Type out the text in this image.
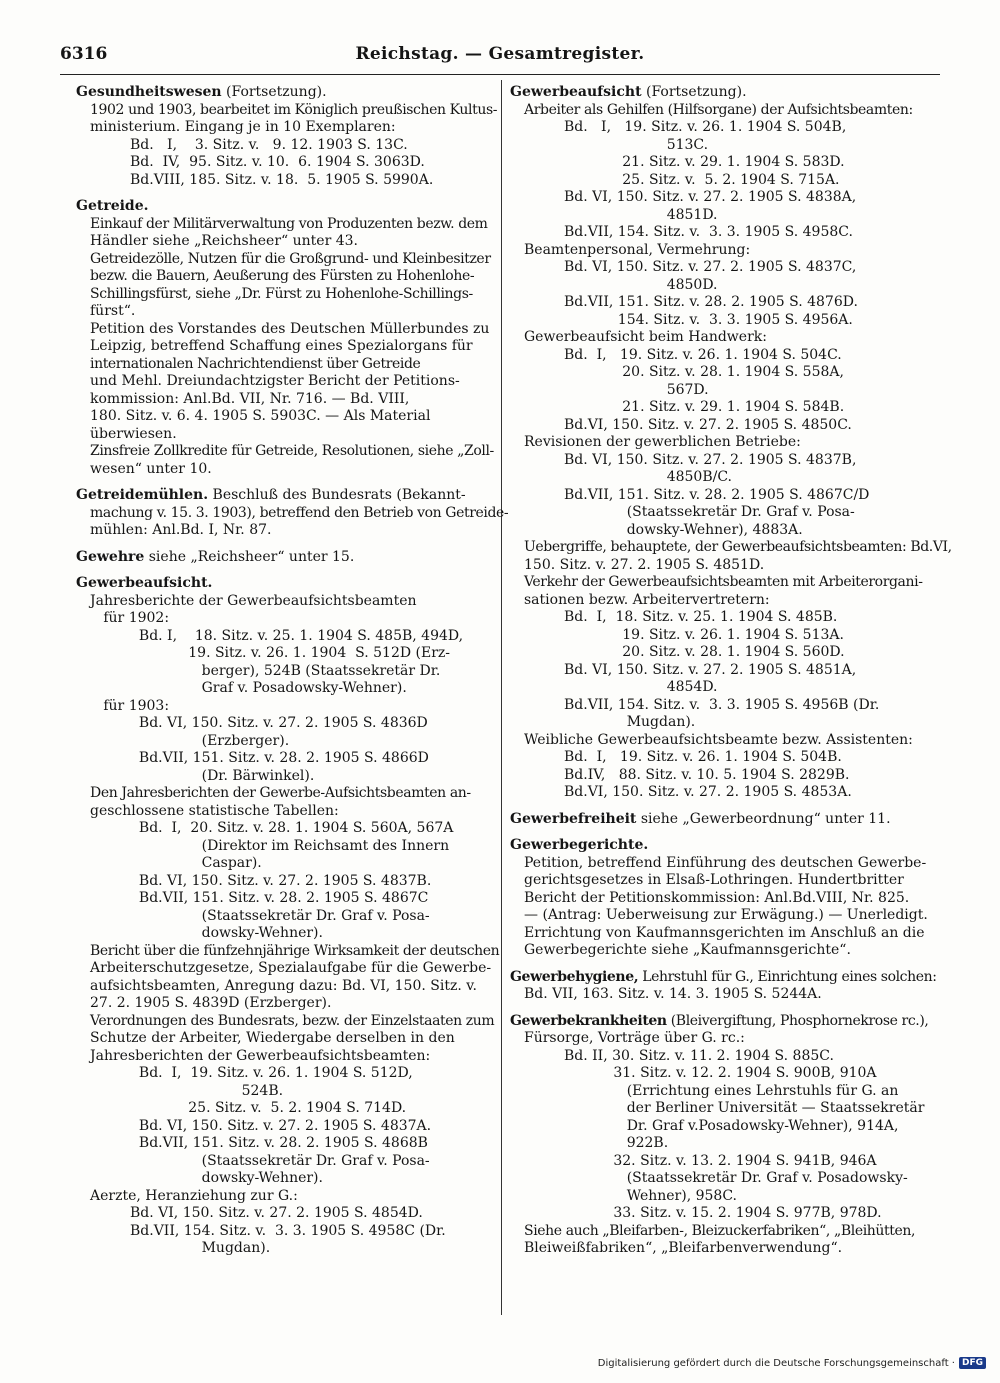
6316	Reichstag. — Gesamtregister.

Gesundheitswesen (Fortsetzung).

1902 und 1903, bearbeitet im Königlich preußischen Kultus-

ministerium. Eingang je in 10 Exemplaren:

Bd.   I,    3. Sitz. v.   9. 12. 1903 S. 13C.

Bd.  IV,  95. Sitz. v. 10.  6. 1904 S. 3063D.

Bd.VIII, 185. Sitz. v. 18.  5. 1905 S. 5990A.

Getreide.

Einkauf der Militärverwaltung von Produzenten bezw. dem

Händler siehe „Reichsheer“ unter 43.

Getreidezölle, Nutzen für die Großgrund- und Kleinbesitzer

bezw. die Bauern, Aeußerung des Fürsten zu Hohenlohe-

Schillingsfürst, siehe „Dr. Fürst zu Hohenlohe-Schillings-

fürst“.

Petition des Vorstandes des Deutschen Müllerbundes zu

Leipzig, betreffend Schaffung eines Spezialorgans für

internationalen Nachrichtendienst über Getreide

und Mehl. Dreiundachtzigster Bericht der Petitions-

kommission: Anl.Bd. VII, Nr. 716. — Bd. VIII,

180. Sitz. v. 6. 4. 1905 S. 5903C. — Als Material

überwiesen.

Zinsfreie Zollkredite für Getreide, Resolutionen, siehe „Zoll-

wesen“ unter 10.

Getreidemühlen. Beschluß des Bundesrats (Bekannt-

machung v. 15. 3. 1903), betreffend den Betrieb von Getreide-

mühlen: Anl.Bd. I, Nr. 87.

Gewehre siehe „Reichsheer“ unter 15.

Gewerbeaufsicht.

Jahresberichte der Gewerbeaufsichtsbeamten

für 1902:

Bd. I,    18. Sitz. v. 25. 1. 1904 S. 485B, 494D,

19. Sitz. v. 26. 1. 1904  S. 512D (Erz-

berger), 524B (Staatssekretär Dr.

Graf v. Posadowsky-Wehner).

für 1903:

Bd. VI, 150. Sitz. v. 27. 2. 1905 S. 4836D

(Erzberger).

Bd.VII, 151. Sitz. v. 28. 2. 1905 S. 4866D

(Dr. Bärwinkel).

Den Jahresberichten der Gewerbe-Aufsichtsbeamten an-

geschlossene statistische Tabellen:

Bd.  I,  20. Sitz. v. 28. 1. 1904 S. 560A, 567A

(Direktor im Reichsamt des Innern

Caspar).

Bd. VI, 150. Sitz. v. 27. 2. 1905 S. 4837B.

Bd.VII, 151. Sitz. v. 28. 2. 1905 S. 4867C

(Staatssekretär Dr. Graf v. Posa-

dowsky-Wehner).

Bericht über die fünfzehnjährige Wirksamkeit der deutschen

Arbeiterschutzgesetze, Spezialaufgabe für die Gewerbe-

aufsichtsbeamten, Anregung dazu: Bd. VI, 150. Sitz. v.

27. 2. 1905 S. 4839D (Erzberger).

Verordnungen des Bundesrats, bezw. der Einzelstaaten zum

Schutze der Arbeiter, Wiedergabe derselben in den

Jahresberichten der Gewerbeaufsichtsbeamten:

Bd.  I,  19. Sitz. v. 26. 1. 1904 S. 512D,

524B.

25. Sitz. v.  5. 2. 1904 S. 714D.

Bd. VI, 150. Sitz. v. 27. 2. 1905 S. 4837A.

Bd.VII, 151. Sitz. v. 28. 2. 1905 S. 4868B

(Staatssekretär Dr. Graf v. Posa-

dowsky-Wehner).

Aerzte, Heranziehung zur G.:

Bd. VI, 150. Sitz. v. 27. 2. 1905 S. 4854D.

Bd.VII, 154. Sitz. v.  3. 3. 1905 S. 4958C (Dr.

Mugdan).

Gewerbeaufsicht (Fortsetzung).

Arbeiter als Gehilfen (Hilfsorgane) der Aufsichtsbeamten:

Bd.   I,   19. Sitz. v. 26. 1. 1904 S. 504B,

513C.

21. Sitz. v. 29. 1. 1904 S. 583D.

25. Sitz. v.  5. 2. 1904 S. 715A.

Bd. VI, 150. Sitz. v. 27. 2. 1905 S. 4838A,

4851D.

Bd.VII, 154. Sitz. v.  3. 3. 1905 S. 4958C.

Beamtenpersonal, Vermehrung:

Bd. VI, 150. Sitz. v. 27. 2. 1905 S. 4837C,

4850D.

Bd.VII, 151. Sitz. v. 28. 2. 1905 S. 4876D.

154. Sitz. v.  3. 3. 1905 S. 4956A.

Gewerbeaufsicht beim Handwerk:

Bd.  I,   19. Sitz. v. 26. 1. 1904 S. 504C.

20. Sitz. v. 28. 1. 1904 S. 558A,

567D.

21. Sitz. v. 29. 1. 1904 S. 584B.

Bd.VI, 150. Sitz. v. 27. 2. 1905 S. 4850C.

Revisionen der gewerblichen Betriebe:

Bd. VI, 150. Sitz. v. 27. 2. 1905 S. 4837B,

4850B/C.

Bd.VII, 151. Sitz. v. 28. 2. 1905 S. 4867C/D

(Staatssekretär Dr. Graf v. Posa-

dowsky-Wehner), 4883A.

Uebergriffe, behauptete, der Gewerbeaufsichtsbeamten: Bd.VI,

150. Sitz. v. 27. 2. 1905 S. 4851D.

Verkehr der Gewerbeaufsichtsbeamten mit Arbeiterorgani-

sationen bezw. Arbeitervertretern:

Bd.  I,  18. Sitz. v. 25. 1. 1904 S. 485B.

19. Sitz. v. 26. 1. 1904 S. 513A.

20. Sitz. v. 28. 1. 1904 S. 560D.

Bd. VI, 150. Sitz. v. 27. 2. 1905 S. 4851A,

4854D.

Bd.VII, 154. Sitz. v.  3. 3. 1905 S. 4956B (Dr.

Mugdan).

Weibliche Gewerbeaufsichtsbeamte bezw. Assistenten:

Bd.  I,   19. Sitz. v. 26. 1. 1904 S. 504B.

Bd.IV,   88. Sitz. v. 10. 5. 1904 S. 2829B.

Bd.VI, 150. Sitz. v. 27. 2. 1905 S. 4853A.

Gewerbefreiheit siehe „Gewerbeordnung“ unter 11.

Gewerbegerichte.

Petition, betreffend Einführung des deutschen Gewerbe-

gerichtsgesetzes in Elsaß-Lothringen. Hundertbritter

Bericht der Petitionskommission: Anl.Bd.VIII, Nr. 825.

— (Antrag: Ueberweisung zur Erwägung.) — Unerledigt.

Errichtung von Kaufmannsgerichten im Anschluß an die

Gewerbegerichte siehe „Kaufmannsgerichte“.

Gewerbehygiene, Lehrstuhl für G., Einrichtung eines solchen:

Bd. VII, 163. Sitz. v. 14. 3. 1905 S. 5244A.

Gewerbekrankheiten (Bleivergiftung, Phosphornekrose rc.),

Fürsorge, Vorträge über G. rc.:

Bd. II, 30. Sitz. v. 11. 2. 1904 S. 885C.

31. Sitz. v. 12. 2. 1904 S. 900B, 910A

(Errichtung eines Lehrstuhls für G. an

der Berliner Universität — Staatssekretär

Dr. Graf v.Posadowsky-Wehner), 914A,

922B.

32. Sitz. v. 13. 2. 1904 S. 941B, 946A

(Staatssekretär Dr. Graf v. Posadowsky-

Wehner), 958C.

33. Sitz. v. 15. 2. 1904 S. 977B, 978D.

Siehe auch „Bleifarben-, Bleizuckerfabriken“, „Bleihütten,

Bleiweißfabriken“, „Bleifarbenverwendung“.

Digitalisierung gefördert durch die Deutsche Forschungsgemeinschaft · DFG
